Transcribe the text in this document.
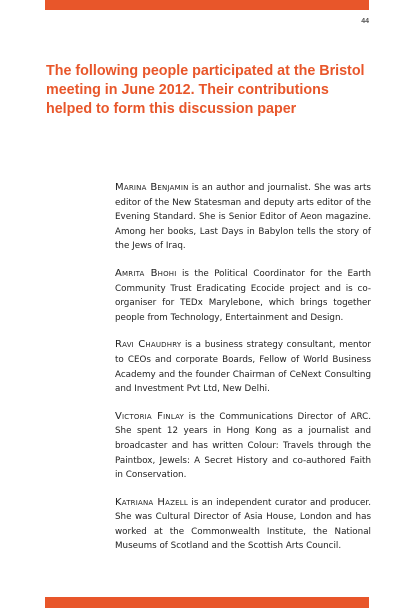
44
The following people participated at the Bristol meeting in June 2012. Their contributions helped to form this discussion paper

Marina Benjamin is an author and journalist. She was arts editor of the New Statesman and deputy arts editor of the Evening Standard. She is Senior Editor of Aeon magazine. Among her books, Last Days in Babylon tells the story of the Jews of Iraq.

Amrita Bhohi is the Political Coordinator for the Earth Community Trust Eradicating Ecocide project and is co-organiser for TEDx Marylebone, which brings together people from Technology, Entertainment and Design.

Ravi Chaudhry is a business strategy consultant, mentor to CEOs and corporate Boards, Fellow of World Business Academy and the founder Chairman of CeNext Consulting and Investment Pvt Ltd, New Delhi.

Victoria Finlay is the Communications Director of ARC. She spent 12 years in Hong Kong as a journalist and broadcaster and has written Colour: Travels through the Paintbox, Jewels: A Secret History and co-authored Faith in Conservation.

Katriana Hazell is an independent curator and producer. She was Cultural Director of Asia House, London and has worked at the Commonwealth Institute, the National Museums of Scotland and the Scottish Arts Council.
